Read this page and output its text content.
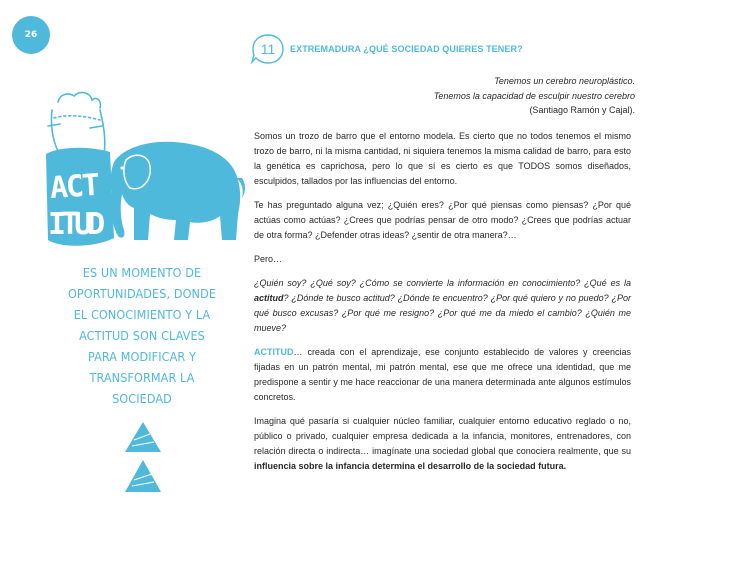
26
ACT
ITUD
ES UN MOMENTO DE
OPORTUNIDADES, DONDE
EL CONOCIMIENTO Y LA
ACTITUD SON CLAVES
PARA MODIFICAR Y
TRANSFORMAR LA
SOCIEDAD
11 EXTREMADURA ¿QUÉ SOCIEDAD QUIERES TENER?
Tenemos un cerebro neuroplástico.
Tenemos la capacidad de esculpir nuestro cerebro
(Santiago Ramón y Cajal).

Somos un trozo de barro que el entorno modela. Es cierto que no todos tenemos el mismo trozo de barro, ni la misma cantidad, ni siquiera tenemos la misma calidad de barro, para esto la genética es caprichosa, pero lo que sí es cierto es que TODOS somos diseñados, esculpidos, tallados por las influencias del entorno.

Te has preguntado alguna vez; ¿Quién eres? ¿Por qué piensas como piensas? ¿Por qué actúas como actúas? ¿Crees que podrías pensar de otro modo? ¿Crees que podrías actuar de otra forma? ¿Defender otras ideas? ¿sentir de otra manera?…

Pero…

¿Quién soy? ¿Qué soy? ¿Cómo se convierte la información en conocimiento? ¿Qué es la actitud? ¿Dónde te busco actitud? ¿Dónde te encuentro? ¿Por qué quiero y no puedo? ¿Por qué busco excusas? ¿Por qué me resigno? ¿Por qué me da miedo el cambio? ¿Quién me mueve?

ACTITUD… creada con el aprendizaje, ese conjunto establecido de valores y creencias fijadas en un patrón mental, mi patrón mental, ese que me ofrece una identidad, que me predispone a sentir y me hace reaccionar de una manera determinada ante algunos estímulos concretos.

Imagina qué pasaría si cualquier núcleo familiar, cualquier entorno educativo reglado o no, público o privado, cualquier empresa dedicada a la infancia, monitores, entrenadores, con relación directa o indirecta… imagínate una sociedad global que conociera realmente, que su influencia sobre la infancia determina el desarrollo de la sociedad futura.
